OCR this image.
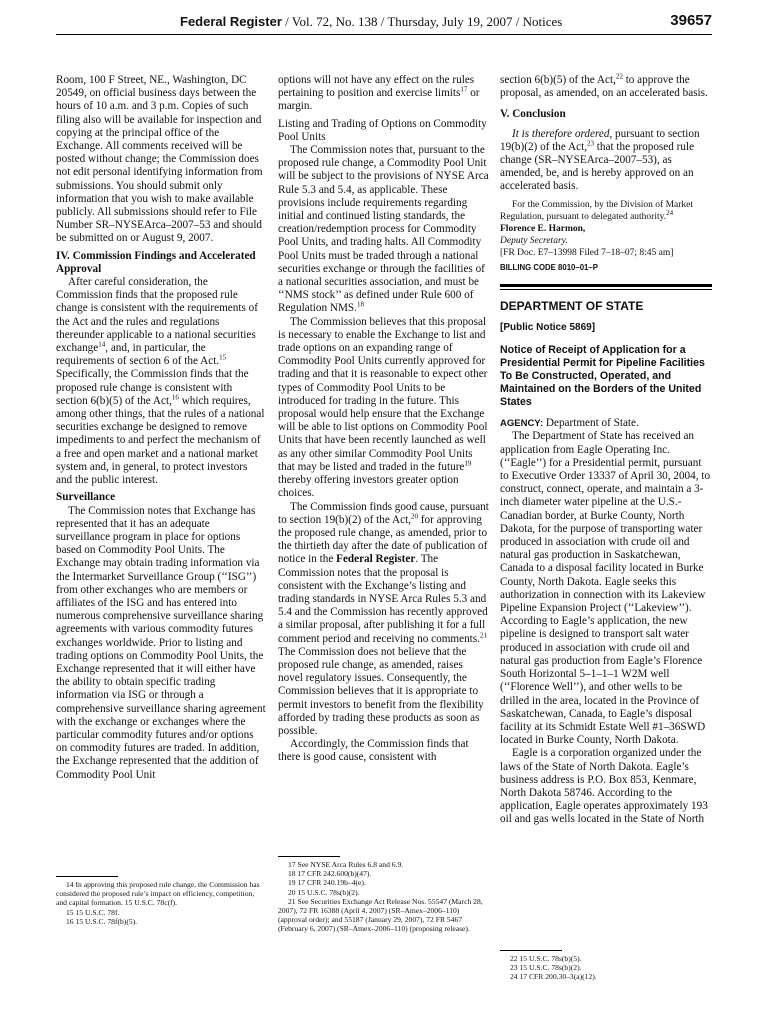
Federal Register / Vol. 72, No. 138 / Thursday, July 19, 2007 / Notices	39657

Room, 100 F Street, NE., Washington, DC 20549, on official business days between the hours of 10 a.m. and 3 p.m. Copies of such filing also will be available for inspection and copying at the principal office of the Exchange. All comments received will be posted without change; the Commission does not edit personal identifying information from submissions. You should submit only information that you wish to make available publicly. All submissions should refer to File Number SR–NYSEArca–2007–53 and should be submitted on or August 9, 2007.

IV. Commission Findings and Accelerated Approval

After careful consideration, the Commission finds that the proposed rule change is consistent with the requirements of the Act and the rules and regulations thereunder applicable to a national securities exchange$^{14}$, and, in particular, the requirements of section 6 of the Act.$^{15}$ Specifically, the Commission finds that the proposed rule change is consistent with section 6(b)(5) of the Act,$^{16}$ which requires, among other things, that the rules of a national securities exchange be designed to remove impediments to and perfect the mechanism of a free and open market and a national market system and, in general, to protect investors and the public interest.

Surveillance

The Commission notes that Exchange has represented that it has an adequate surveillance program in place for options based on Commodity Pool Units. The Exchange may obtain trading information via the Intermarket Surveillance Group (‘‘ISG’’) from other exchanges who are members or affiliates of the ISG and has entered into numerous comprehensive surveillance sharing agreements with various commodity futures exchanges worldwide. Prior to listing and trading options on Commodity Pool Units, the Exchange represented that it will either have the ability to obtain specific trading information via ISG or through a comprehensive surveillance sharing agreement with the exchange or exchanges where the particular commodity futures and/or options on commodity futures are traded. In addition, the Exchange represented that the addition of Commodity Pool Unit

14 In approving this proposed rule change, the Commission has considered the proposed rule’s impact on efficiency, competition, and capital formation. 15 U.S.C. 78c(f).

15 15 U.S.C. 78f.

16 15 U.S.C. 78f(b)(5).

options will not have any effect on the rules pertaining to position and exercise limits$^{17}$ or margin.

Listing and Trading of Options on Commodity Pool Units

The Commission notes that, pursuant to the proposed rule change, a Commodity Pool Unit will be subject to the provisions of NYSE Arca Rule 5.3 and 5.4, as applicable. These provisions include requirements regarding initial and continued listing standards, the creation/redemption process for Commodity Pool Units, and trading halts. All Commodity Pool Units must be traded through a national securities exchange or through the facilities of a national securities association, and must be ‘‘NMS stock’’ as defined under Rule 600 of Regulation NMS.$^{18}$

The Commission believes that this proposal is necessary to enable the Exchange to list and trade options on an expanding range of Commodity Pool Units currently approved for trading and that it is reasonable to expect other types of Commodity Pool Units to be introduced for trading in the future. This proposal would help ensure that the Exchange will be able to list options on Commodity Pool Units that have been recently launched as well as any other similar Commodity Pool Units that may be listed and traded in the future$^{19}$ thereby offering investors greater option choices.

The Commission finds good cause, pursuant to section 19(b)(2) of the Act,$^{20}$ for approving the proposed rule change, as amended, prior to the thirtieth day after the date of publication of notice in the Federal Register. The Commission notes that the proposal is consistent with the Exchange’s listing and trading standards in NYSE Arca Rules 5.3 and 5.4 and the Commission has recently approved a similar proposal, after publishing it for a full comment period and receiving no comments.$^{21}$ The Commission does not believe that the proposed rule change, as amended, raises novel regulatory issues. Consequently, the Commission believes that it is appropriate to permit investors to benefit from the flexibility afforded by trading these products as soon as possible.

Accordingly, the Commission finds that there is good cause, consistent with

17 See NYSE Arca Rules 6.8 and 6.9.

18 17 CFR 242.600(b)(47).

19 17 CFR 240.19b–4(e).

20 15 U.S.C. 78s(b)(2).

21 See Securities Exchange Act Release Nos. 55547 (March 28, 2007), 72 FR 16388 (April 4, 2007) (SR–Amex–2006–110) (approval order); and 55187 (January 29, 2007), 72 FR 5467 (February 6, 2007) (SR–Amex–2006–110) (proposing release).

section 6(b)(5) of the Act,$^{22}$ to approve the proposal, as amended, on an accelerated basis.

V. Conclusion

It is therefore ordered, pursuant to section 19(b)(2) of the Act,$^{23}$ that the proposed rule change (SR–NYSEArca–2007–53), as amended, be, and is hereby approved on an accelerated basis.

For the Commission, by the Division of Market Regulation, pursuant to delegated authority.$^{24}$

Florence E. Harmon,

Deputy Secretary.

[FR Doc. E7–13998 Filed 7–18–07; 8:45 am]

BILLING CODE 8010–01–P

DEPARTMENT OF STATE

[Public Notice 5869]

Notice of Receipt of Application for a Presidential Permit for Pipeline Facilities To Be Constructed, Operated, and Maintained on the Borders of the United States

AGENCY: Department of State.

The Department of State has received an application from Eagle Operating Inc. (‘‘Eagle’’) for a Presidential permit, pursuant to Executive Order 13337 of April 30, 2004, to construct, connect, operate, and maintain a 3-inch diameter water pipeline at the U.S.-Canadian border, at Burke County, North Dakota, for the purpose of transporting water produced in association with crude oil and natural gas production in Saskatchewan, Canada to a disposal facility located in Burke County, North Dakota. Eagle seeks this authorization in connection with its Lakeview Pipeline Expansion Project (‘‘Lakeview’’). According to Eagle’s application, the new pipeline is designed to transport salt water produced in association with crude oil and natural gas production from Eagle’s Florence South Horizontal 5–1–1–1 W2M well (‘‘Florence Well’’), and other wells to be drilled in the area, located in the Province of Saskatchewan, Canada, to Eagle’s disposal facility at its Schmidt Estate Well #1–36SWD located in Burke County, North Dakota.

Eagle is a corporation organized under the laws of the State of North Dakota. Eagle’s business address is P.O. Box 853, Kenmare, North Dakota 58746. According to the application, Eagle operates approximately 193 oil and gas wells located in the State of North

22 15 U.S.C. 78s(b)(5).

23 15 U.S.C. 78s(b)(2).

24 17 CFR 200.30–3(a)(12).
